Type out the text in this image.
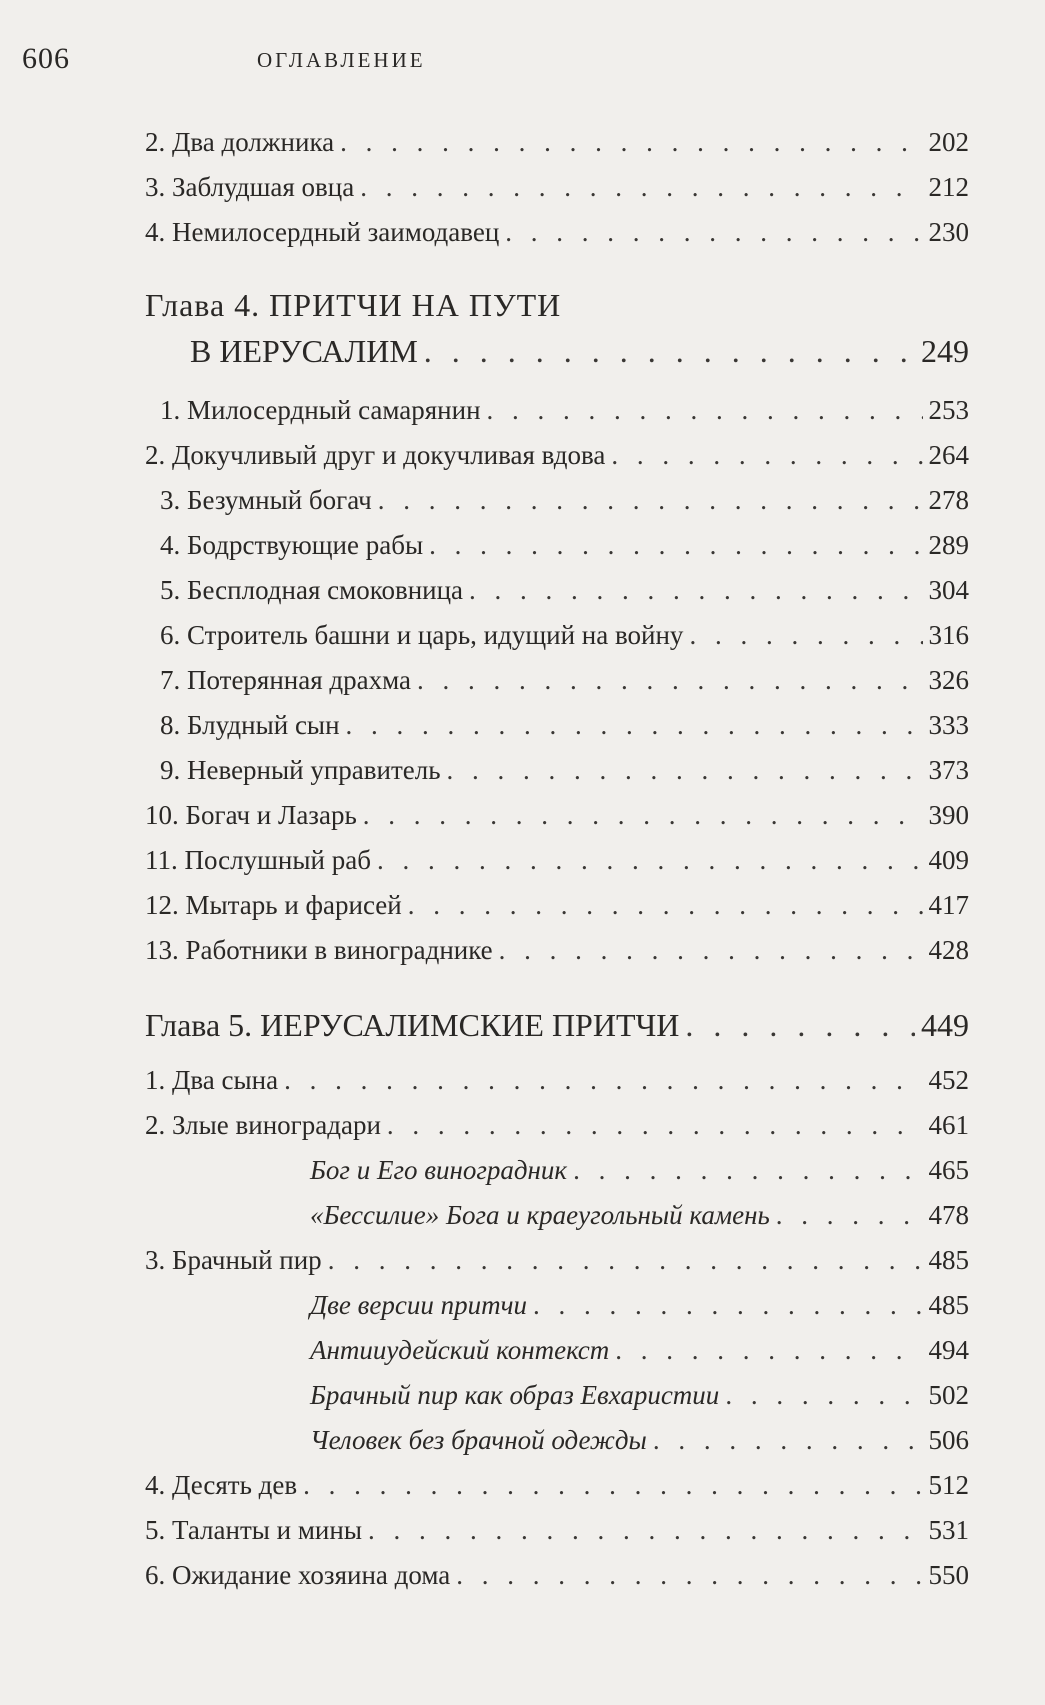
606	ОГЛАВЛЕНИЕ
2. Два должника . . .	202
3. Заблудшая овца . . .	212
4. Немилосердный заимодавец . . .	230
Глава 4. ПРИТЧИ НА ПУТИ
В ИЕРУСАЛИМ . . .	249
1. Милосердный самарянин . . .	253
2. Докучливый друг и докучливая вдова . . .	264
3. Безумный богач . . .	278
4. Бодрствующие рабы . . .	289
5. Бесплодная смоковница . . .	304
6. Строитель башни и царь, идущий на войну . . .	316
7. Потерянная драхма . . .	326
8. Блудный сын . . .	333
9. Неверный управитель . . .	373
10. Богач и Лазарь . . .	390
11. Послушный раб . . .	409
12. Мытарь и фарисей . . .	417
13. Работники в винограднике . . .	428
Глава 5. ИЕРУСАЛИМСКИЕ ПРИТЧИ . . .	449
1. Два сына . . .	452
2. Злые виноградари . . .	461
Бог и Его виноградник . . .	465
«Бессилие» Бога и краеугольный камень . . .	478
3. Брачный пир . . .	485
Две версии притчи . . .	485
Антииудейский контекст . . .	494
Брачный пир как образ Евхаристии . . .	502
Человек без брачной одежды . . .	506
4. Десять дев . . .	512
5. Таланты и мины . . .	531
6. Ожидание хозяина дома . . .	550
